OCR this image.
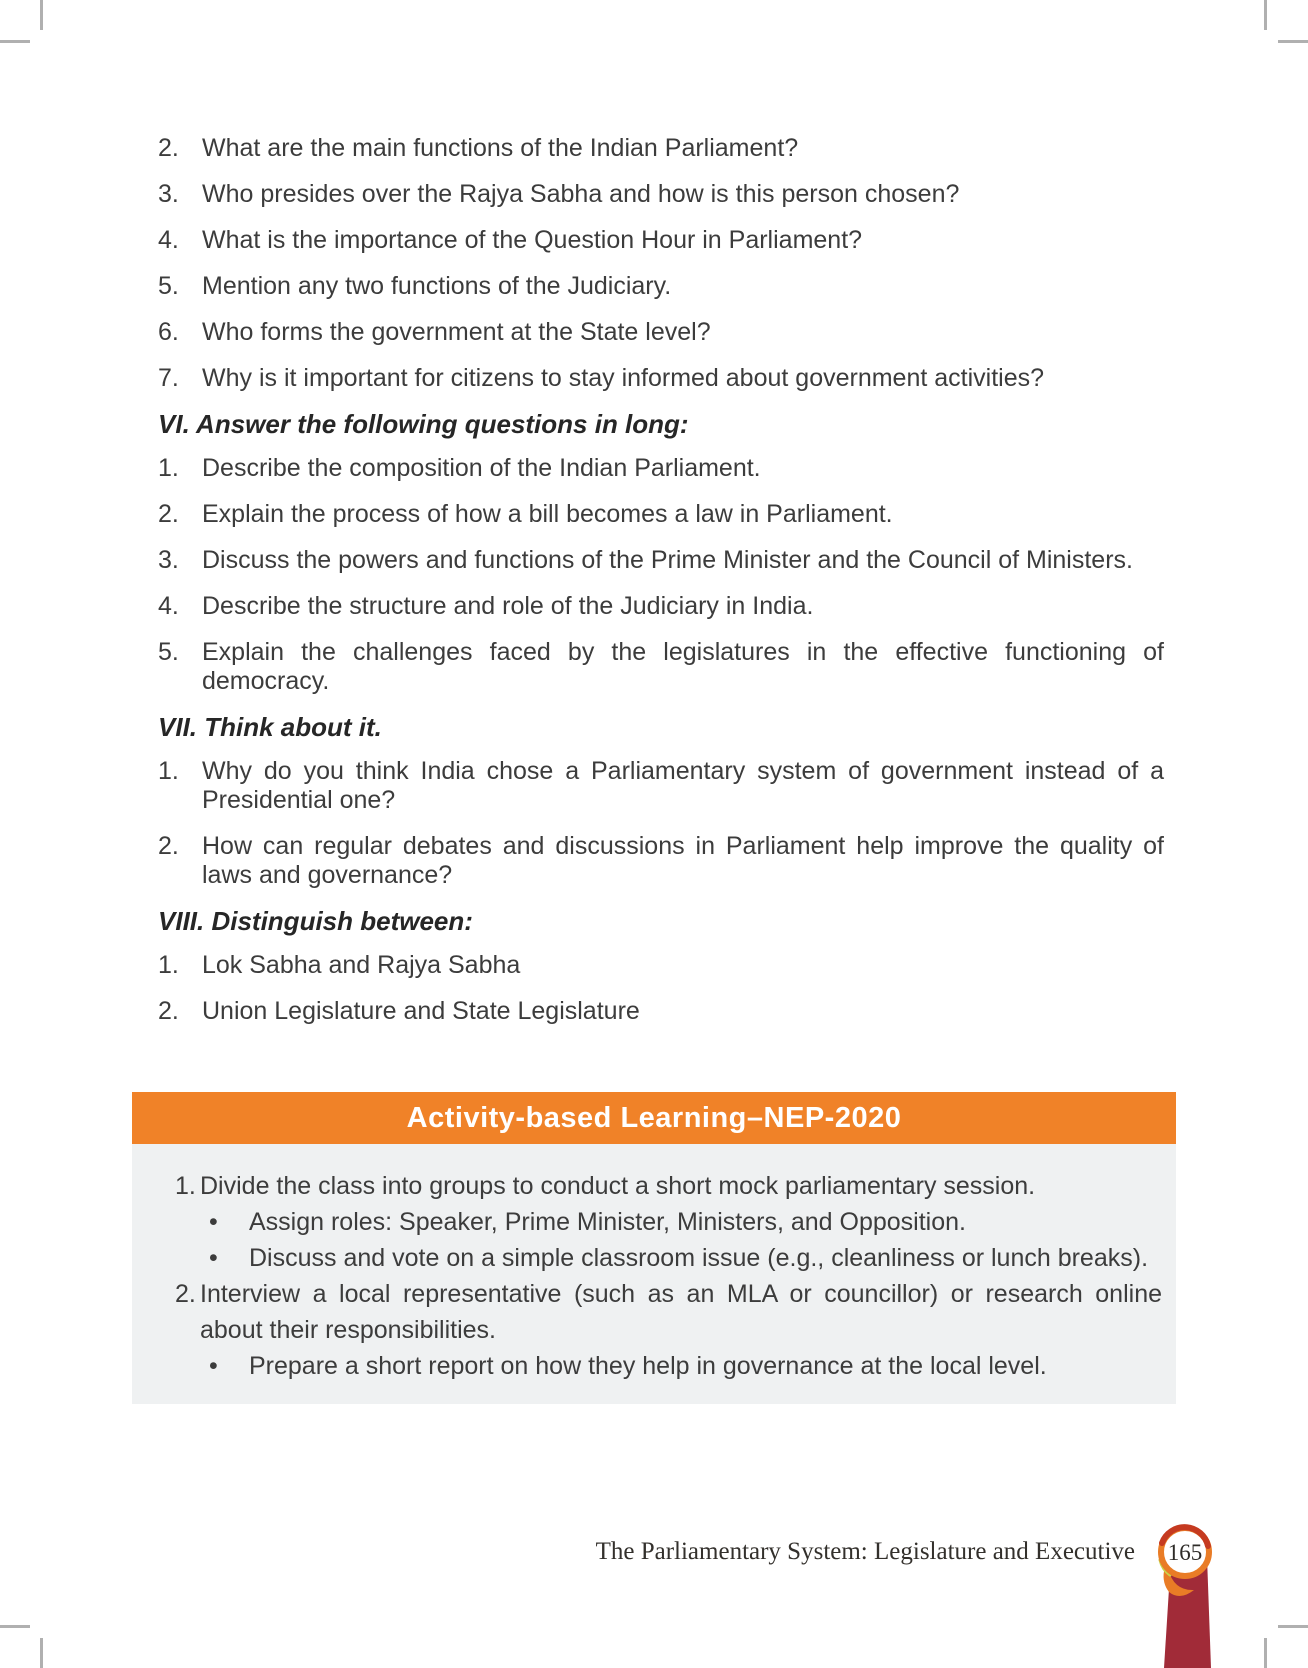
2. What are the main functions of the Indian Parliament?
3. Who presides over the Rajya Sabha and how is this person chosen?
4. What is the importance of the Question Hour in Parliament?
5. Mention any two functions of the Judiciary.
6. Who forms the government at the State level?
7. Why is it important for citizens to stay informed about government activities?
VI. Answer the following questions in long:
1. Describe the composition of the Indian Parliament.
2. Explain the process of how a bill becomes a law in Parliament.
3. Discuss the powers and functions of the Prime Minister and the Council of Ministers.
4. Describe the structure and role of the Judiciary in India.
5. Explain the challenges faced by the legislatures in the effective functioning of democracy.
VII. Think about it.
1. Why do you think India chose a Parliamentary system of government instead of a Presidential one?
2. How can regular debates and discussions in Parliament help improve the quality of laws and governance?
VIII. Distinguish between:
1. Lok Sabha and Rajya Sabha
2. Union Legislature and State Legislature
Activity-based Learning–NEP-2020
1. Divide the class into groups to conduct a short mock parliamentary session.
•
Assign roles: Speaker, Prime Minister, Ministers, and Opposition.
•
Discuss and vote on a simple classroom issue (e.g., cleanliness or lunch breaks).
2. Interview a local representative (such as an MLA or councillor) or research online about their responsibilities.
•
Prepare a short report on how they help in governance at the local level.
The Parliamentary System: Legislature and Executive 165
